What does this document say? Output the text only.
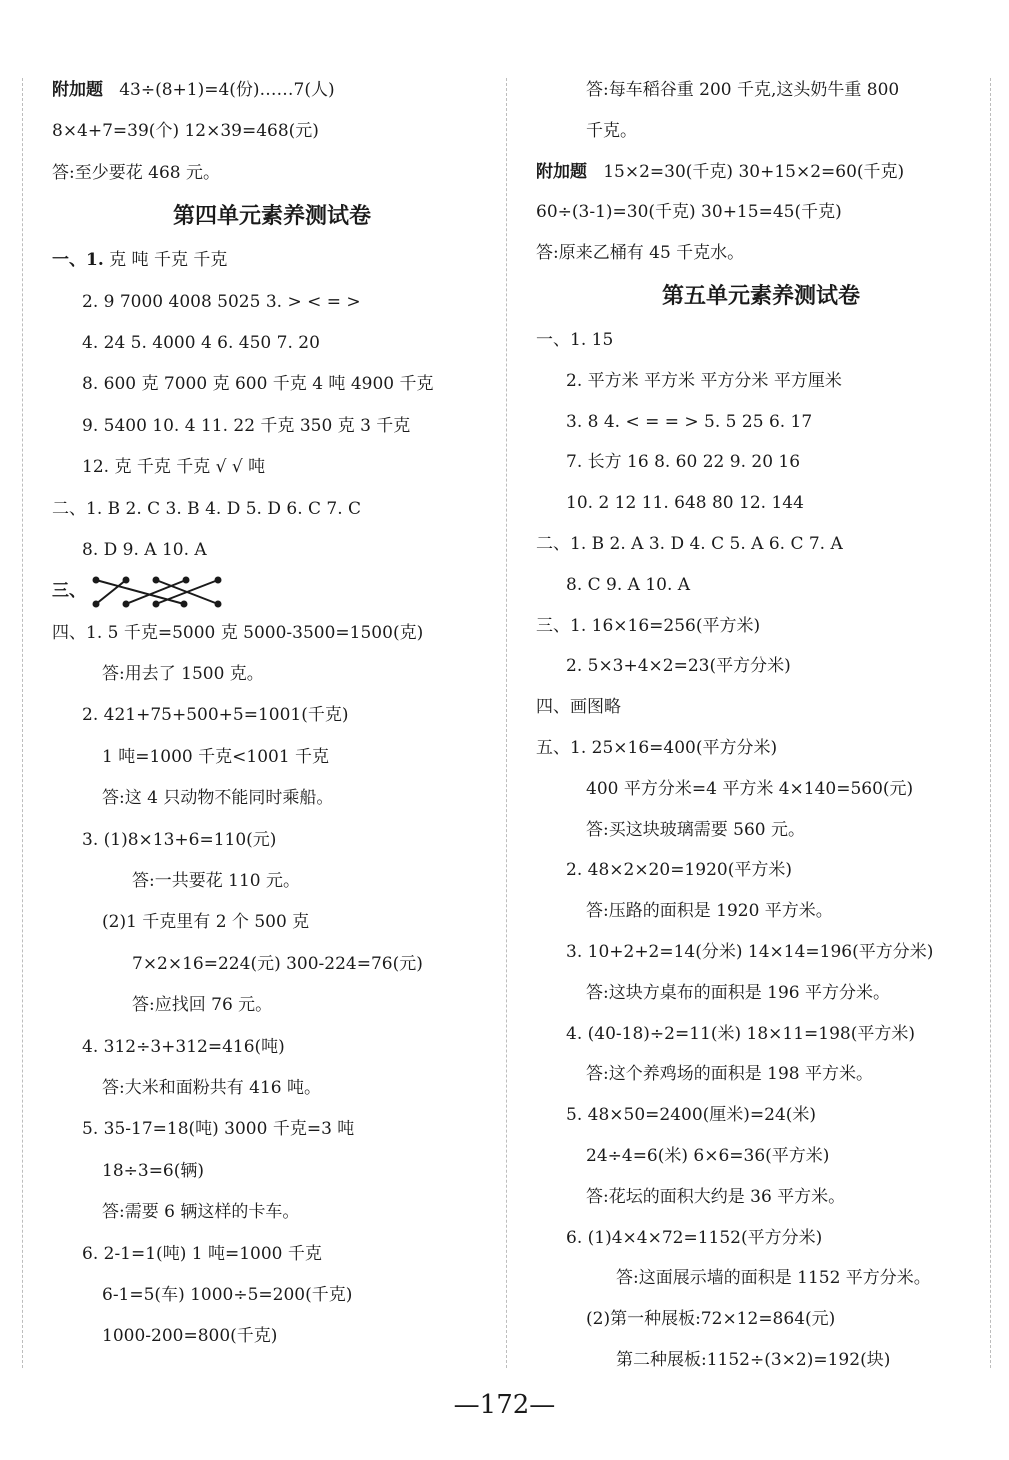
附加题 43÷(8+1)=4(份)……7(人)
8×4+7=39(个) 12×39=468(元)
答:至少要花 468 元。
第四单元素养测试卷
一、1. 克 吨 千克 千克
2. 9 7000 4008 5025 3. > < = >
4. 24 5. 4000 4 6. 450 7. 20
8. 600 克 7000 克 600 千克 4 吨 4900 千克
9. 5400 10. 4 11. 22 千克 350 克 3 千克
12. 克 千克 千克 √ √ 吨
二、1. B 2. C 3. B 4. D 5. D 6. C 7. C
8. D 9. A 10. A
三、
四、1. 5 千克=5000 克 5000-3500=1500(克)
答:用去了 1500 克。
2. 421+75+500+5=1001(千克)
1 吨=1000 千克<1001 千克
答:这 4 只动物不能同时乘船。
3. (1)8×13+6=110(元)
答:一共要花 110 元。
(2)1 千克里有 2 个 500 克
7×2×16=224(元) 300-224=76(元)
答:应找回 76 元。
4. 312÷3+312=416(吨)
答:大米和面粉共有 416 吨。
5. 35-17=18(吨) 3000 千克=3 吨
18÷3=6(辆)
答:需要 6 辆这样的卡车。
6. 2-1=1(吨) 1 吨=1000 千克
6-1=5(车) 1000÷5=200(千克)
1000-200=800(千克)
答:每车稻谷重 200 千克,这头奶牛重 800
千克。
附加题 15×2=30(千克) 30+15×2=60(千克)
60÷(3-1)=30(千克) 30+15=45(千克)
答:原来乙桶有 45 千克水。
第五单元素养测试卷
一、1. 15
2. 平方米 平方米 平方分米 平方厘米
3. 8 4. < = = > 5. 5 25 6. 17
7. 长方 16 8. 60 22 9. 20 16
10. 2 12 11. 648 80 12. 144
二、1. B 2. A 3. D 4. C 5. A 6. C 7. A
8. C 9. A 10. A
三、1. 16×16=256(平方米)
2. 5×3+4×2=23(平方分米)
四、画图略
五、1. 25×16=400(平方分米)
400 平方分米=4 平方米 4×140=560(元)
答:买这块玻璃需要 560 元。
2. 48×2×20=1920(平方米)
答:压路的面积是 1920 平方米。
3. 10+2+2=14(分米) 14×14=196(平方分米)
答:这块方桌布的面积是 196 平方分米。
4. (40-18)÷2=11(米) 18×11=198(平方米)
答:这个养鸡场的面积是 198 平方米。
5. 48×50=2400(厘米)=24(米)
24÷4=6(米) 6×6=36(平方米)
答:花坛的面积大约是 36 平方米。
6. (1)4×4×72=1152(平方分米)
答:这面展示墙的面积是 1152 平方分米。
(2)第一种展板:72×12=864(元)
第二种展板:1152÷(3×2)=192(块)
—172—
